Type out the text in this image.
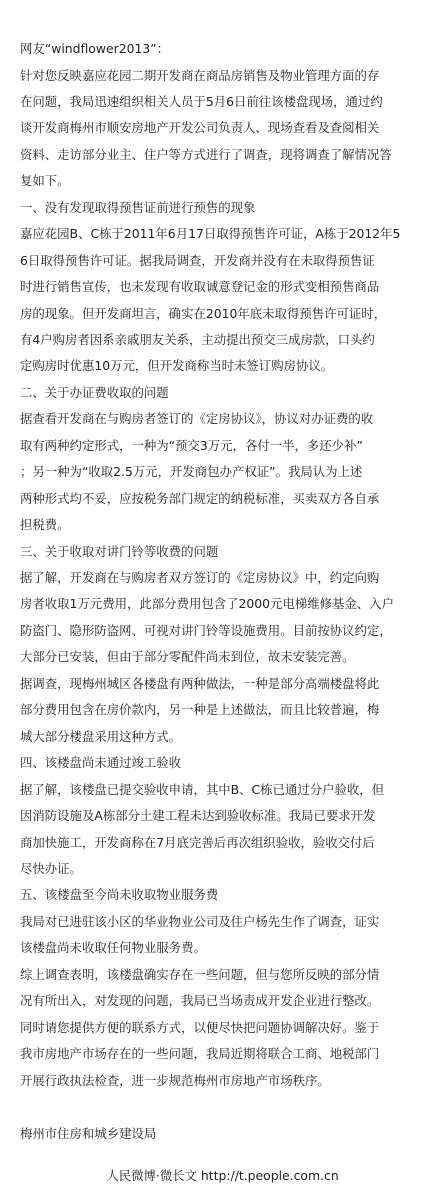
网友“windflower2013”：

针对您反映嘉应花园二期开发商在商品房销售及物业管理方面的存

在问题，我局迅速组织相关人员于5月6日前往该楼盘现场，通过约

谈开发商梅州市顺安房地产开发公司负责人、现场查看及查阅相关

资料、走访部分业主、住户等方式进行了调查，现将调查了解情况答

复如下。

一、没有发现取得预售证前进行预售的现象

嘉应花园B、C栋于2011年6月17日取得预售许可证，A栋于2012年5

6日取得预售许可证。据我局调查，开发商并没有在未取得预售证

时进行销售宣传，也未发现有收取诚意登记金的形式变相预售商品

房的现象。但开发商坦言，确实在2010年底未取得预售许可证时，

有4户购房者因系亲戚朋友关系，主动提出预交三成房款，口头约

定购房时优惠10万元，但开发商称当时未签订购房协议。

二、关于办证费收取的问题

据查看开发商在与购房者签订的《定房协议》，协议对办证费的收

取有两种约定形式，一种为“预交3万元，各付一半，多还少补”

；另一种为“收取2.5万元，开发商包办产权证”。我局认为上述

两种形式均不妥，应按税务部门规定的纳税标准，买卖双方各自承

担税费。

三、关于收取对讲门铃等收费的问题

据了解，开发商在与购房者双方签订的《定房协议》中，约定向购

房者收取1万元费用，此部分费用包含了2000元电梯维修基金、入户

防盗门、隐形防盗网、可视对讲门铃等设施费用。目前按协议约定，

大部分已安装，但由于部分零配件尚未到位，故未安装完善。

据调查，现梅州城区各楼盘有两种做法，一种是部分高端楼盘将此

部分费用包含在房价款内，另一种是上述做法，而且比较普遍，梅

城大部分楼盘采用这种方式。

四、该楼盘尚未通过竣工验收

据了解，该楼盘已提交验收申请，其中B、C栋已通过分户验收，但

因消防设施及A栋部分土建工程未达到验收标准。我局已要求开发

商加快施工，开发商称在7月底完善后再次组织验收，验收交付后

尽快办证。

五、该楼盘至今尚未收取物业服务费

我局对已进驻该小区的华业物业公司及住户杨先生作了调查，证实

该楼盘尚未收取任何物业服务费。

综上调查表明，该楼盘确实存在一些问题，但与您所反映的部分情

况有所出入，对发现的问题，我局已当场责成开发企业进行整改。

同时请您提供方便的联系方式，以便尽快把问题协调解决好。鉴于

我市房地产市场存在的一些问题，我局近期将联合工商、地税部门

开展行政执法检查，进一步规范梅州市房地产市场秩序。

梅州市住房和城乡建设局

人民微博·微长文 http://t.people.com.cn
